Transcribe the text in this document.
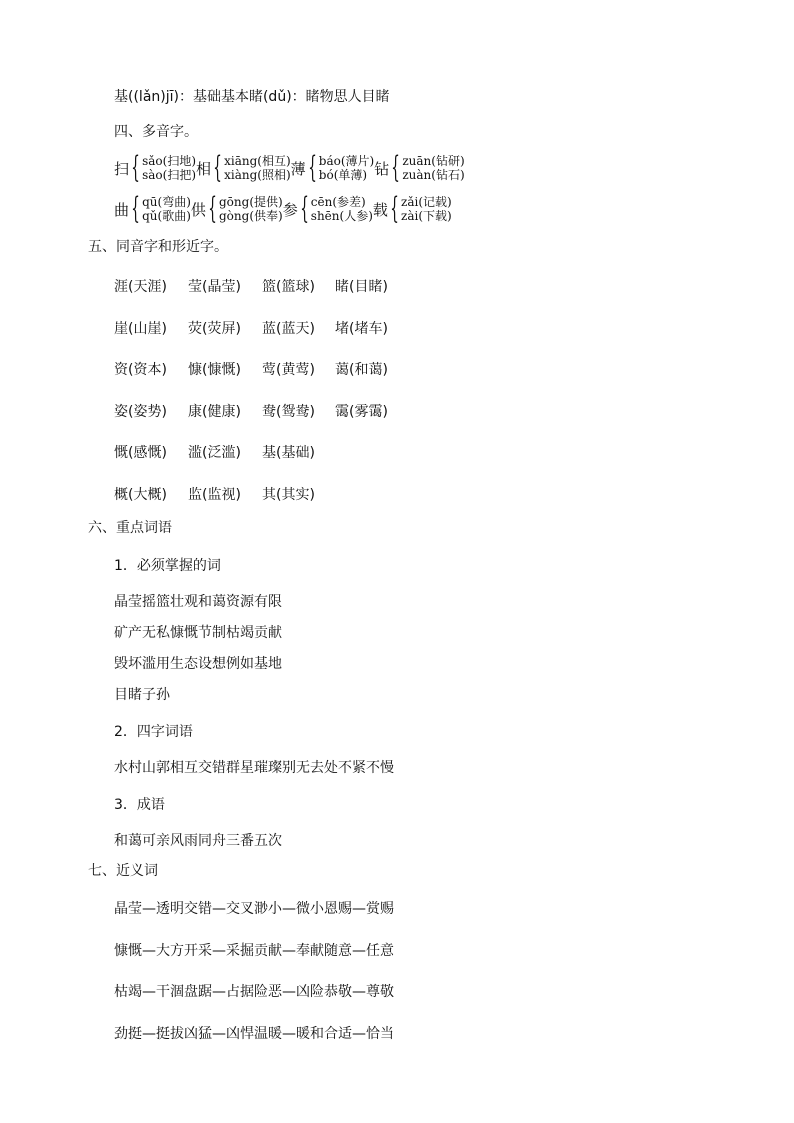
基((lǎn)jī)：基础基本睹(dǔ)：睹物思人目睹
四、多音字。
扫 { sǎo(扫地)
sào(扫把) 相 { xiāng(相互)
xiàng(照相) 薄 { báo(薄片)
bó(单薄) 钻 { zuān(钻研)
zuàn(钻石)
曲 { qū(弯曲)
qǔ(歌曲) 供 { gōng(提供)
gòng(供奉) 参 { cēn(参差)
shēn(人参) 载 { zǎi(记载)
zài(下载)
五、同音字和形近字。
涯(天涯) 莹(晶莹) 篮(篮球) 睹(目睹)
崖(山崖) 荧(荧屏) 蓝(蓝天) 堵(堵车)
资(资本) 慷(慷慨) 莺(黄莺) 蔼(和蔼)
姿(姿势) 康(健康) 鸯(鸳鸯) 霭(雾霭)
慨(感慨) 滥(泛滥) 基(基础)
概(大概) 监(监视) 其(其实)
六、重点词语
1．必须掌握的词
晶莹摇篮壮观和蔼资源有限
矿产无私慷慨节制枯竭贡献
毁坏滥用生态设想例如基地
目睹子孙
2．四字词语
水村山郭相互交错群星璀璨别无去处不紧不慢
3．成语
和蔼可亲风雨同舟三番五次
七、近义词
晶莹—透明交错—交叉渺小—微小恩赐—赏赐
慷慨—大方开采—采掘贡献—奉献随意—任意
枯竭—干涸盘踞—占据险恶—凶险恭敬—尊敬
劲挺—挺拔凶猛—凶悍温暖—暖和合适—恰当
